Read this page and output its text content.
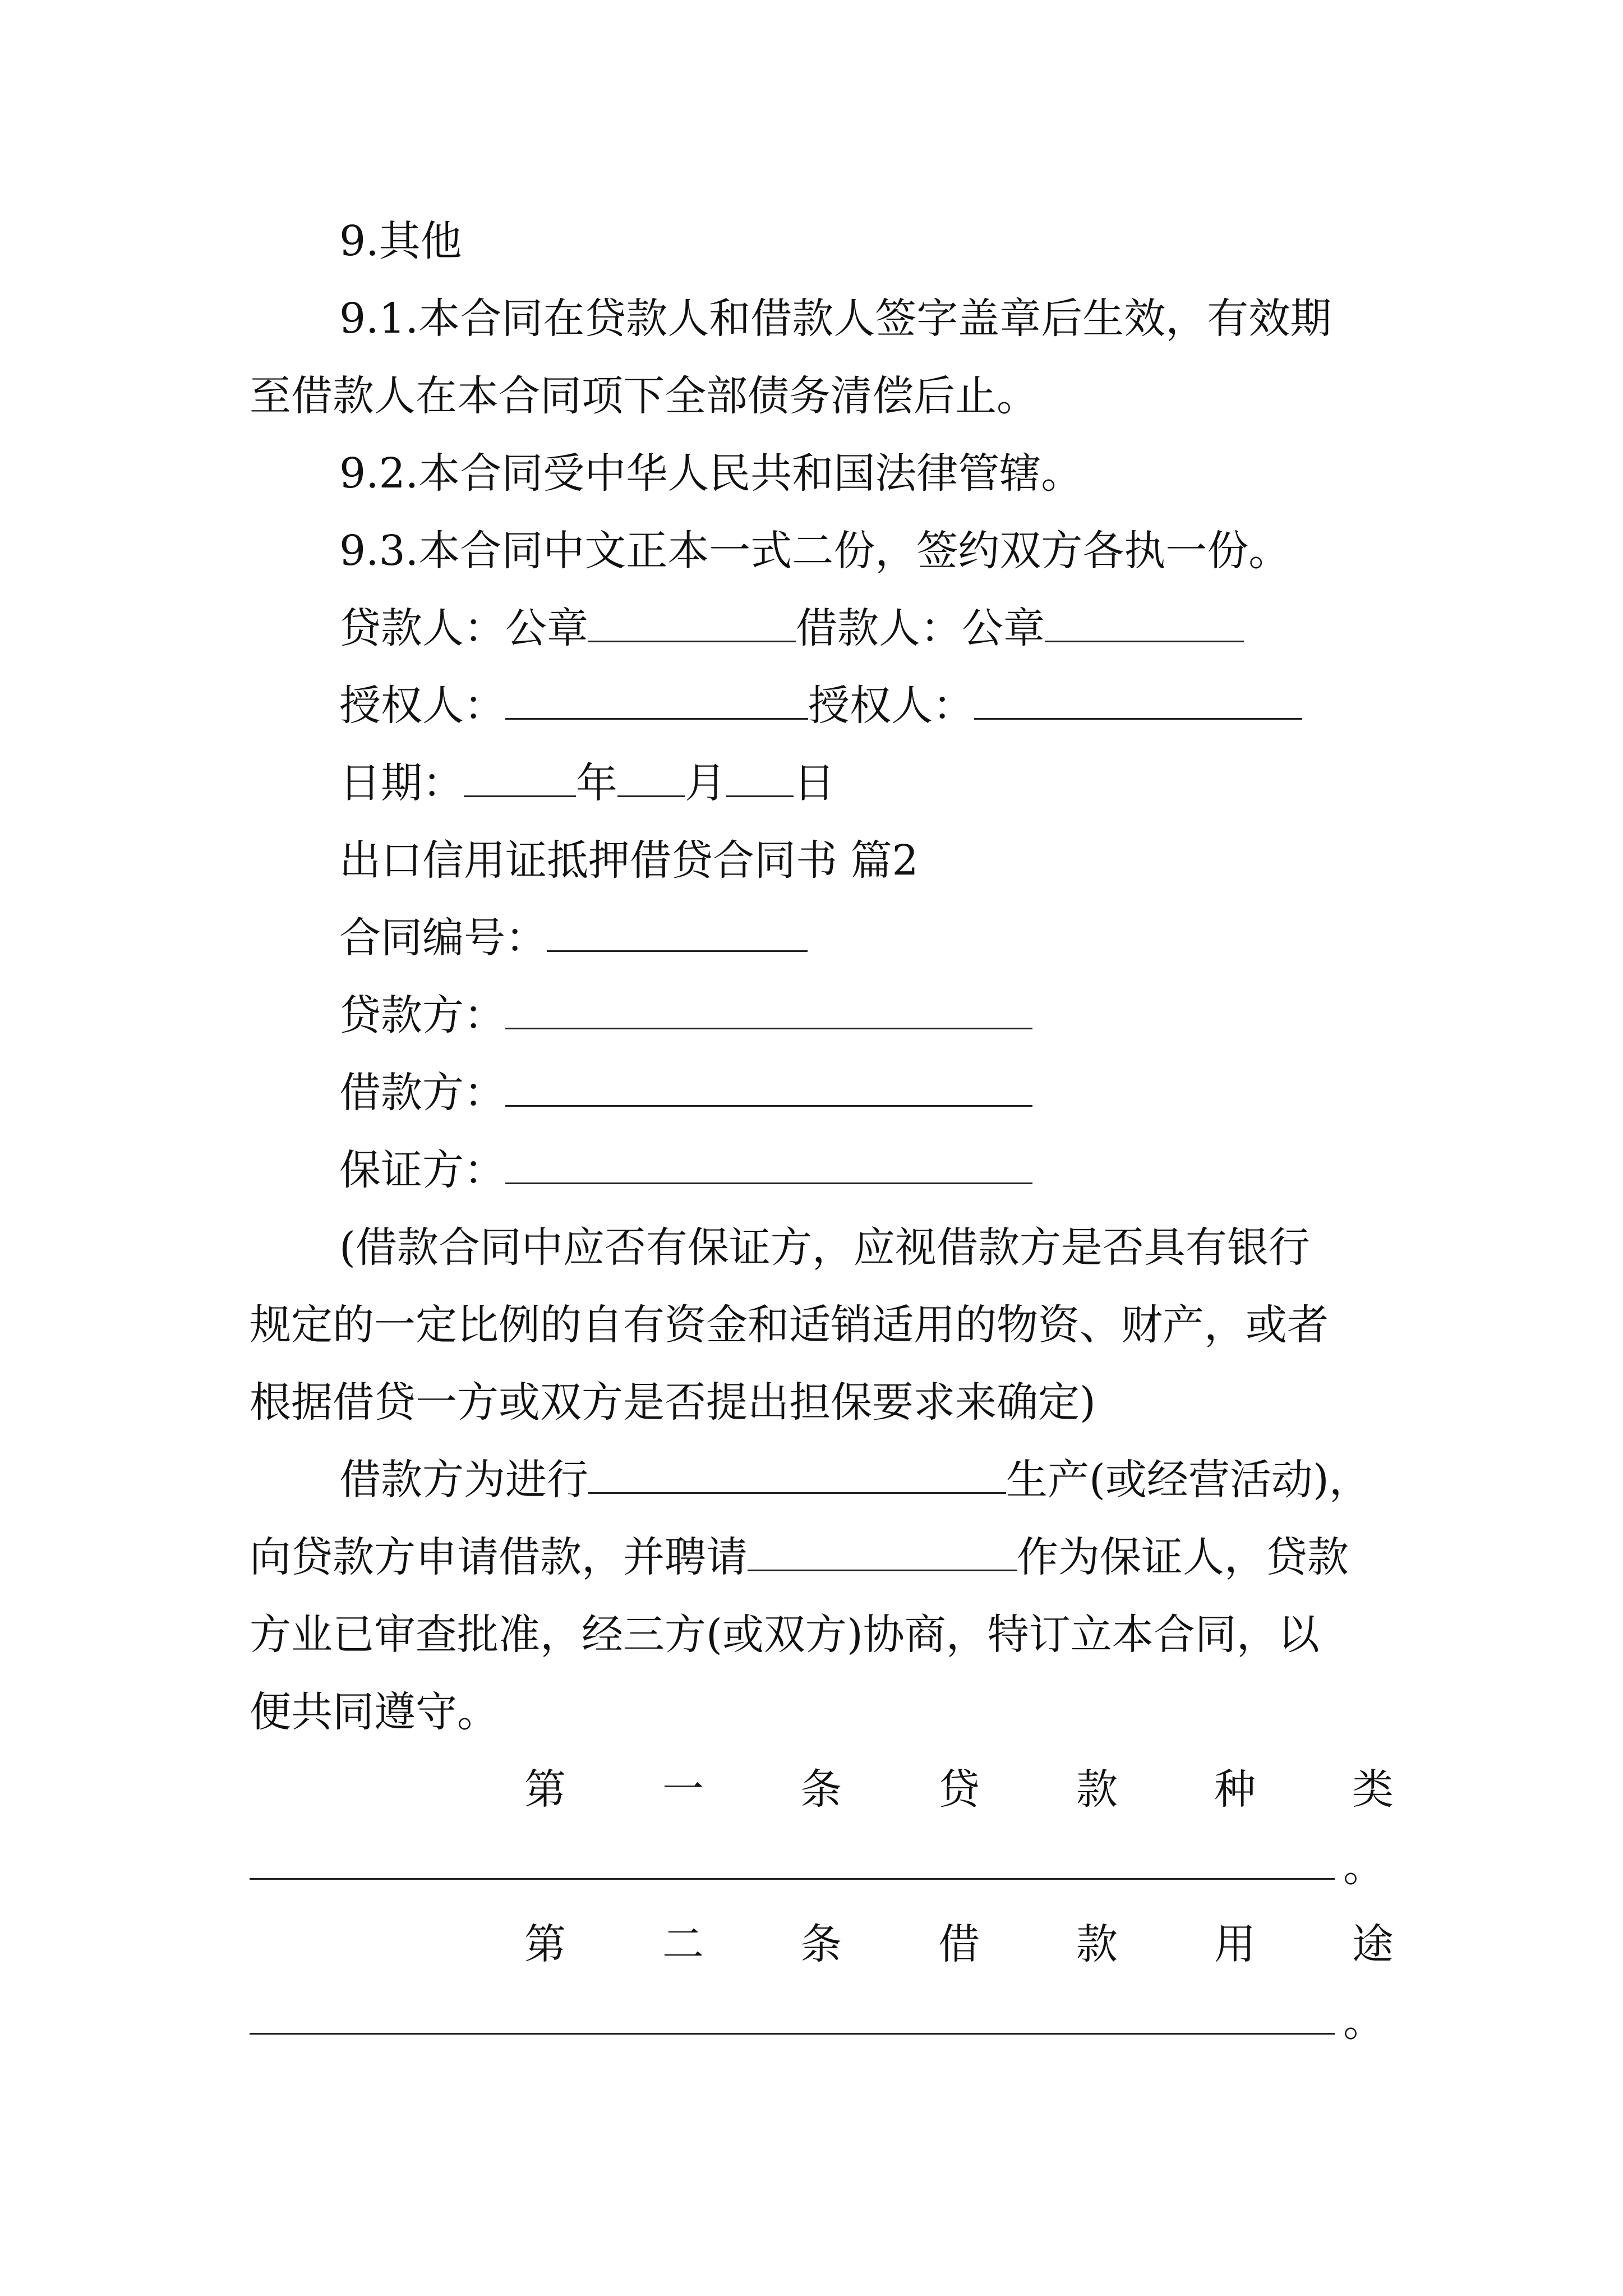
9.其他
9.1.本合同在贷款人和借款人签字盖章后生效，有效期
至借款人在本合同项下全部债务清偿后止。
9.2.本合同受中华人民共和国法律管辖。
9.3.本合同中文正本一式二份，签约双方各执一份。
贷款人：公章	借款人：公章
授权人：	授权人：
日期：	年 月 日
出口信用证抵押借贷合同书 篇2
合同编号：
贷款方：
借款方：
保证方：
(借款合同中应否有保证方，应视借款方是否具有银行
规定的一定比例的自有资金和适销适用的物资、财产，或者
根据借贷一方或双方是否提出担保要求来确定)
借款方为进行	生产(或经营活动)，
向贷款方申请借款，并聘请	作为保证人，贷款
方业已审查批准，经三方(或双方)协商，特订立本合同，以
便共同遵守。
第 一 条 贷 款 种 类
。
第 二 条 借 款 用 途
。
